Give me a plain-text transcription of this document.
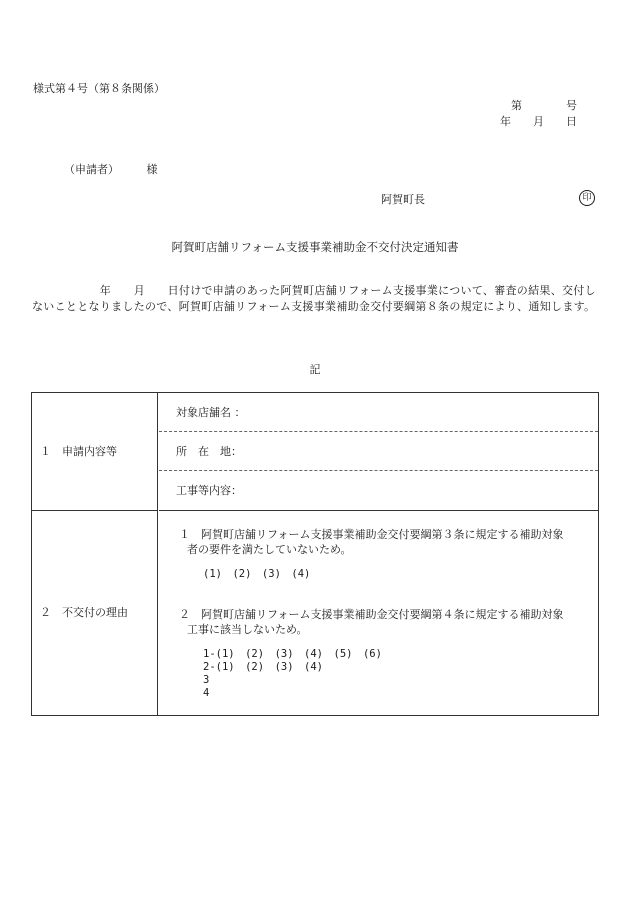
様式第４号（第８条関係）
第　　　　号
年　　月　　日
（申請者）　　　様
阿賀町長	印
阿賀町店舗リフォーム支援事業補助金不交付決定通知書
　　　　　　年　　月　　日付けで申請のあった阿賀町店舗リフォーム支援事業について、審査の結果、交付しないこととなりましたので、阿賀町店舗リフォーム支援事業補助金交付要綱第８条の規定により、通知します。
記
１　申請内容等
対象店舗名 ：
所　在　地：
工事等内容：
２　不交付の理由
１　阿賀町店舗リフォーム支援事業補助金交付要綱第３条に規定する補助対象
者の要件を満たしていないため。
(1)　(2)　(3)　(4)
２　阿賀町店舗リフォーム支援事業補助金交付要綱第４条に規定する補助対象
工事に該当しないため。
1-(1)　(2)　(3)　(4)　(5)　(6)
2-(1)　(2)　(3)　(4)
3
4
